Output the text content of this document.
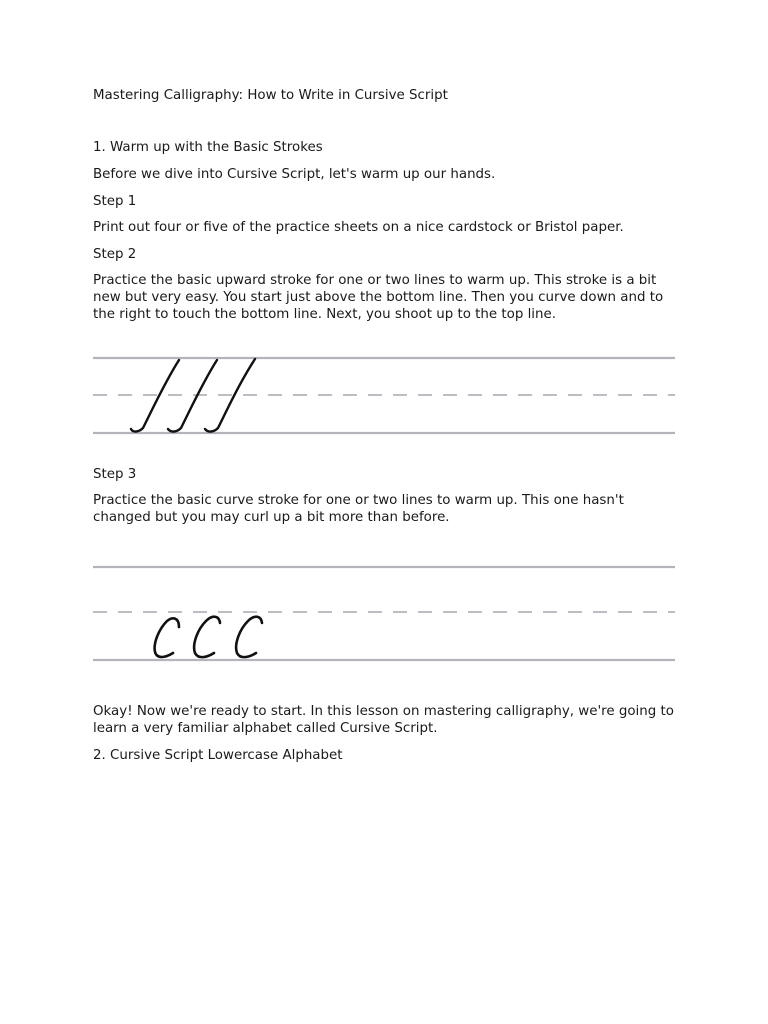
Mastering Calligraphy: How to Write in Cursive Script

1. Warm up with the Basic Strokes

Before we dive into Cursive Script, let's warm up our hands.

Step 1

Print out four or five of the practice sheets on a nice cardstock or Bristol paper.

Step 2

Practice the basic upward stroke for one or two lines to warm up. This stroke is a bit new but very easy. You start just above the bottom line. Then you curve down and to the right to touch the bottom line. Next, you shoot up to the top line.

Step 3

Practice the basic curve stroke for one or two lines to warm up. This one hasn't changed but you may curl up a bit more than before.

Okay! Now we're ready to start. In this lesson on mastering calligraphy, we're going to learn a very familiar alphabet called Cursive Script.

2. Cursive Script Lowercase Alphabet
